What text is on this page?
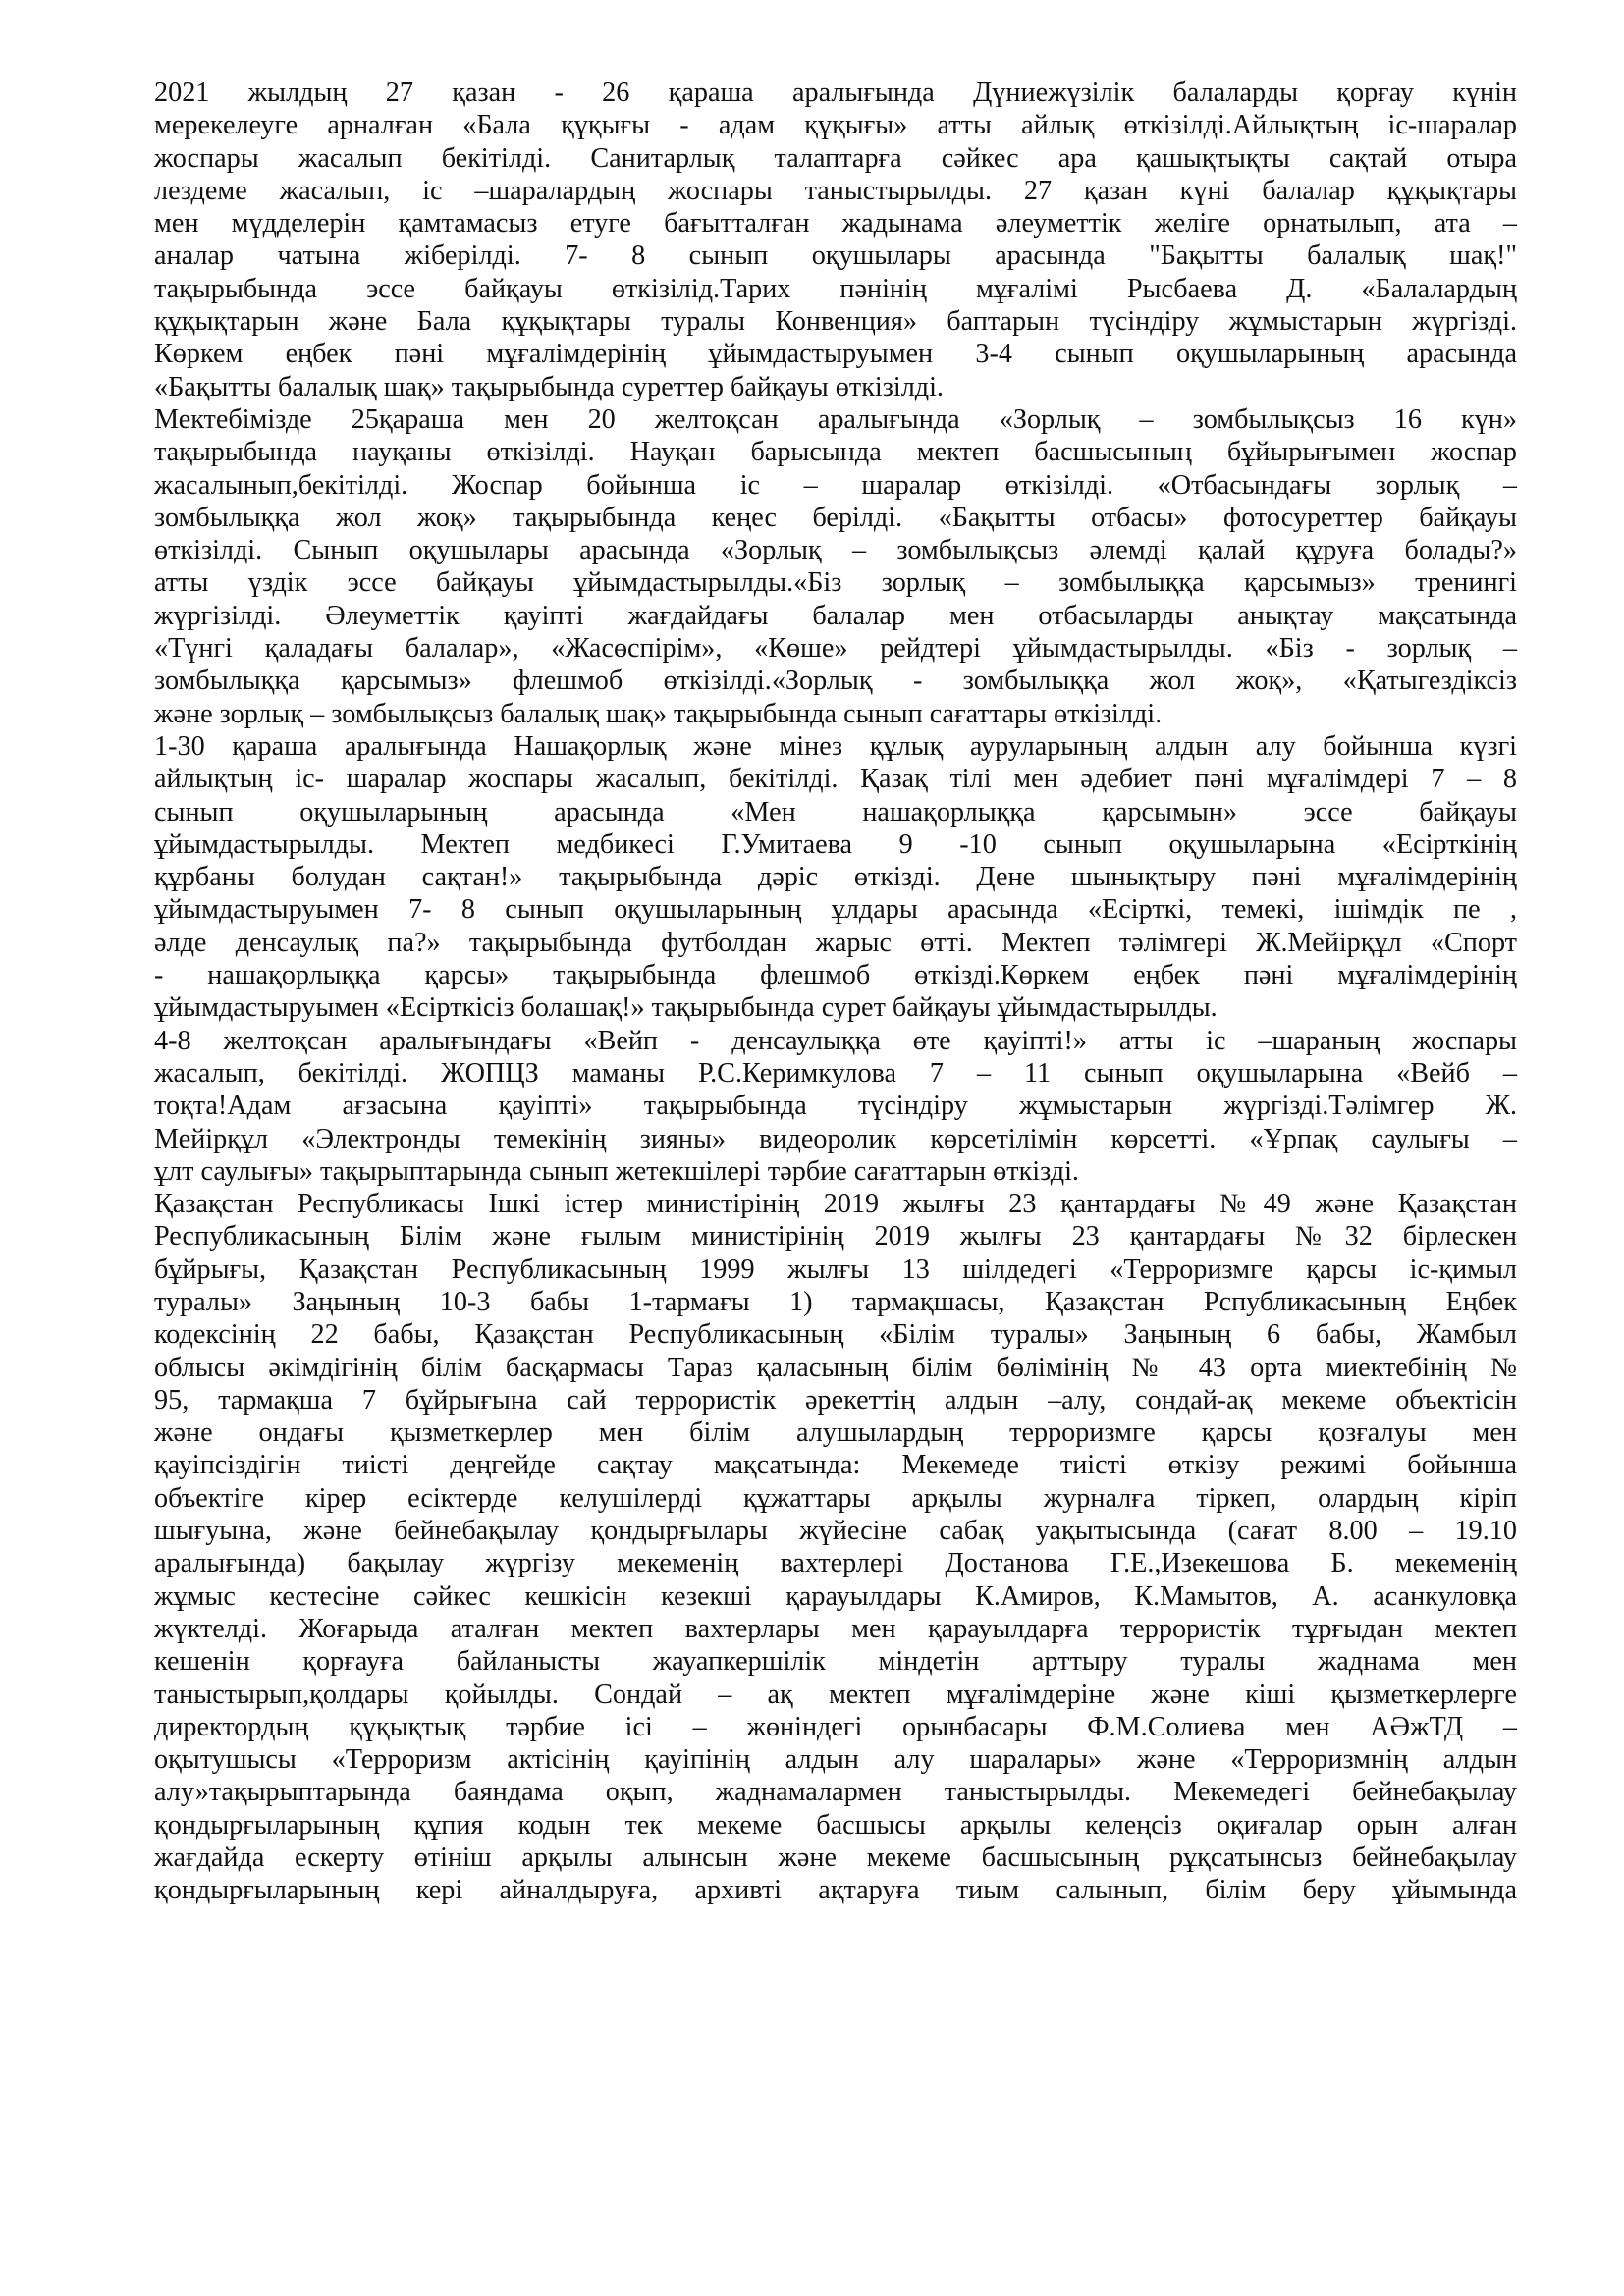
2021 жылдың 27 қазан - 26 қараша аралығында Дүниежүзілік балаларды қорғау күнін
мерекелеуге арналған «Бала құқығы - адам құқығы» атты айлық өткізілді.Айлықтың іс-шаралар
жоспары жасалып бекітілді. Санитарлық талаптарға сәйкес ара қашықтықты сақтай отыра
лездеме жасалып, іс –шаралардың жоспары таныстырылды. 27 қазан күні балалар құқықтары
мен мүдделерін қамтамасыз етуге бағытталған жадынама әлеуметтік желіге орнатылып, ата –
аналар чатына жіберілді. 7- 8 сынып оқушылары арасында "Бақытты балалық шақ!"
тақырыбында эссе байқауы өткізілід.Тарих пәнінің мұғалімі Рысбаева Д. «Балалардың
құқықтарын және Бала құқықтары туралы Конвенция» баптарын түсіндіру жұмыстарын жүргізді.
Көркем еңбек пәні мұғалімдерінің ұйымдастыруымен 3-4 сынып оқушыларының арасында
«Бақытты балалық шақ» тақырыбында суреттер байқауы өткізілді.
Мектебімізде 25қараша мен 20 желтоқсан аралығында «Зорлық – зомбылықсыз 16 күн»
тақырыбында науқаны өткізілді. Науқан барысында мектеп басшысының бұйырығымен жоспар
жасалынып,бекітілді. Жоспар бойынша іс – шаралар өткізілді. «Отбасындағы зорлық –
зомбылыққа жол жоқ» тақырыбында кеңес берілді. «Бақытты отбасы» фотосуреттер байқауы
өткізілді. Сынып оқушылары арасында «Зорлық – зомбылықсыз әлемді қалай құруға болады?»
атты үздік эссе байқауы ұйымдастырылды.«Біз зорлық – зомбылыққа қарсымыз» тренингі
жүргізілді. Әлеуметтік қауіпті жағдайдағы балалар мен отбасыларды анықтау мақсатында
«Түнгі қаладағы балалар», «Жасөспірім», «Көше» рейдтері ұйымдастырылды. «Біз - зорлық –
зомбылыққа қарсымыз» флешмоб өткізілді.«Зорлық - зомбылыққа жол жоқ», «Қатыгездіксіз
және зорлық – зомбылықсыз балалық шақ» тақырыбында сынып сағаттары өткізілді.
1-30 қараша аралығында Нашақорлық және мінез құлық ауруларының алдын алу бойынша күзгі
айлықтың іс- шаралар жоспары жасалып, бекітілді. Қазақ тілі мен әдебиет пәні мұғалімдері 7 – 8
сынып оқушыларының арасында «Мен нашақорлыққа қарсымын» эссе байқауы
ұйымдастырылды. Мектеп медбикесі Г.Умитаева 9 -10 сынып оқушыларына «Есірткінің
құрбаны болудан сақтан!» тақырыбында дәріс өткізді. Дене шынықтыру пәні мұғалімдерінің
ұйымдастыруымен 7- 8 сынып оқушыларының ұлдары арасында «Есірткі, темекі, ішімдік пе ,
әлде денсаулық па?» тақырыбында футболдан жарыс өтті. Мектеп тәлімгері Ж.Мейірқұл «Спорт
- нашақорлыққа қарсы» тақырыбында флешмоб өткізді.Көркем еңбек пәні мұғалімдерінің
ұйымдастыруымен «Есірткісіз болашақ!» тақырыбында сурет байқауы ұйымдастырылды.
4-8 желтоқсан аралығындағы «Вейп - денсаулыққа өте қауіпті!» атты іс –шараның жоспары
жасалып, бекітілді. ЖОПЦЗ маманы Р.С.Керимкулова 7 – 11 сынып оқушыларына «Вейб –
тоқта!Адам ағзасына қауіпті» тақырыбында түсіндіру жұмыстарын жүргізді.Тәлімгер Ж.
Мейірқұл «Электронды темекінің зияны» видеоролик көрсетілімін көрсетті. «Ұрпақ саулығы –
ұлт саулығы» тақырыптарында сынып жетекшілері тәрбие сағаттарын өткізді.
Қазақстан Республикасы Ішкі істер министірінің 2019 жылғы 23 қантардағы №49 және Қазақстан
Республикасының Білім және ғылым министірінің 2019 жылғы 23 қантардағы №32 бірлескен
бұйрығы, Қазақстан Республикасының 1999 жылғы 13 шілдедегі «Терроризмге қарсы іс-қимыл
туралы» Заңының 10-3 бабы 1-тармағы 1) тармақшасы, Қазақстан Рспубликасының Еңбек
кодексінің 22 бабы, Қазақстан Республикасының «Білім туралы» Заңының 6 бабы, Жамбыл
облысы әкімдігінің білім басқармасы Тараз қаласының білім бөлімінің № 43 орта миектебінің №
95, тармақша 7 бұйрығына сай террористік әрекеттің алдын –алу, сондай-ақ мекеме объектісін
және ондағы қызметкерлер мен білім алушылардың терроризмге қарсы қозғалуы мен
қауіпсіздігін тиісті деңгейде сақтау мақсатында: Мекемеде тиісті өткізу режимі бойынша
объектіге кірер есіктерде келушілерді құжаттары арқылы журналға тіркеп, олардың кіріп
шығуына, және бейнебақылау қондырғылары жүйесіне сабақ уақытысында (сағат 8.00 – 19.10
аралығында) бақылау жүргізу мекеменің вахтерлері Достанова Г.Е.,Изекешова Б. мекеменің
жұмыс кестесіне сәйкес кешкісін кезекші қарауылдары К.Амиров, К.Мамытов, А. асанкуловқа
жүктелді. Жоғарыда аталған мектеп вахтерлары мен қарауылдарға террористік тұрғыдан мектеп
кешенін қорғауға байланысты жауапкершілік міндетін арттыру туралы жаднама мен
таныстырып,қолдары қойылды. Сондай – ақ мектеп мұғалімдеріне және кіші қызметкерлерге
директордың құқықтық тәрбие ісі – жөніндегі орынбасары Ф.М.Солиева мен АӘжТД –
оқытушысы «Терроризм актісінің қауіпінің алдын алу шаралары» және «Терроризмнің алдын
алу»тақырыптарында баяндама оқып, жаднамалармен таныстырылды. Мекемедегі бейнебақылау
қондырғыларының құпия кодын тек мекеме басшысы арқылы келеңсіз оқиғалар орын алған
жағдайда ескерту өтініш арқылы алынсын және мекеме басшысының рұқсатынсыз бейнебақылау
қондырғыларының кері айналдыруға, архивті ақтаруға тиым салынып, білім беру ұйымында
